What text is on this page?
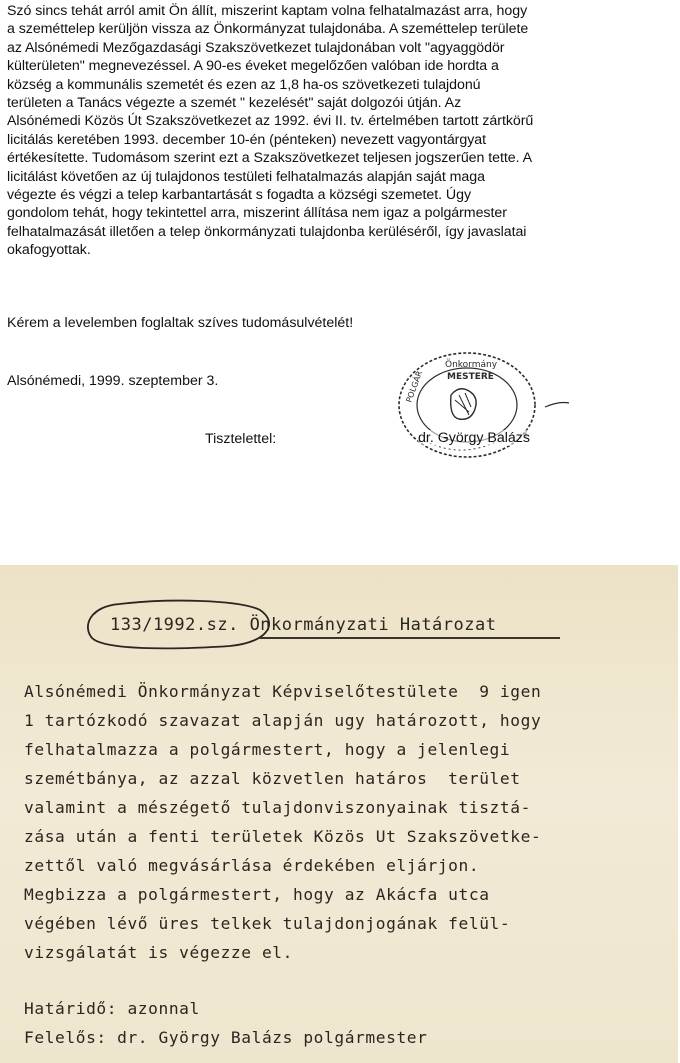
Szó sincs tehát arról amit Ön állít, miszerint kaptam volna felhatalmazást arra, hogy
a szeméttelep kerüljön vissza az Önkormányzat tulajdonába. A szeméttelep területe
az Alsónémedi Mezőgazdasági Szakszövetkezet tulajdonában volt "agyaggödör
külterületen" megnevezéssel. A 90-es éveket megelőzően valóban ide hordta a
község a kommunális szemetét és ezen az 1,8 ha-os szövetkezeti tulajdonú
területen a Tanács végezte a szemét " kezelését" saját dolgozói útján. Az
Alsónémedi Közös Út Szakszövetkezet az 1992. évi II. tv. értelmében tartott zártkörű
licitálás keretében 1993. december 10-én (pénteken) nevezett vagyontárgyat
értékesítette. Tudomásom szerint ezt a Szakszövetkezet teljesen jogszerűen tette. A
licitálást követően az új tulajdonos testületi felhatalmazás alapján saját maga
végezte és végzi a telep karbantartását s fogadta a községi szemetet. Úgy
gondolom tehát, hogy tekintettel arra, miszerint állítása nem igaz a polgármester
felhatalmazását illetően a telep önkormányzati tulajdonba kerüléséről, így javaslatai
okafogyottak.

Kérem a levelemben foglaltak szíves tudomásulvételét!

Alsónémedi, 1999. szeptember 3.

Tisztelettel:

Önkormány
MESTERE
POLGÁR

dr. György Balázs

133/1992.sz. Önkormányzati Határozat

Alsónémedi Önkormányzat Képviselőtestülete  9 igen
1 tartózkodó szavazat alapján ugy határozott, hogy
felhatalmazza a polgármestert, hogy a jelenlegi
szemétbánya, az azzal közvetlen határos  terület
valamint a mészégető tulajdonviszonyainak tisztá-
zása után a fenti területek Közös Ut Szakszövetke-
zettől való megvásárlása érdekében eljárjon.
Megbizza a polgármestert, hogy az Akácfa utca
végében lévő üres telkek tulajdonjogának felül-
vizsgálatát is végezze el.
Határidő: azonnal
Felelős: dr. György Balázs polgármester
